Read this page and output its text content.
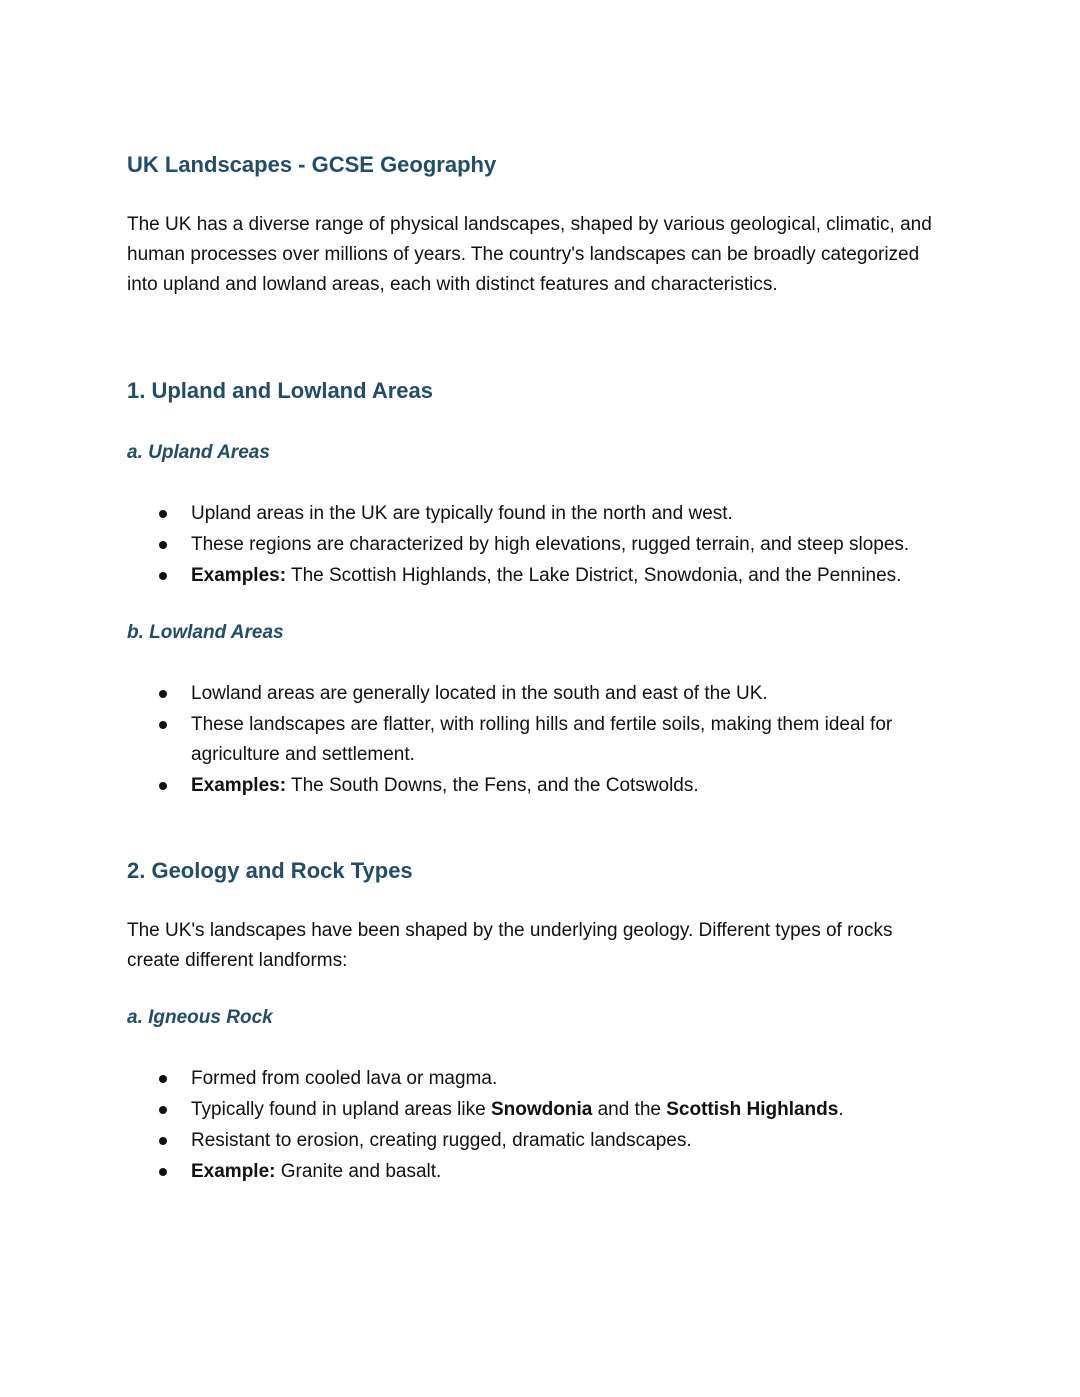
UK Landscapes - GCSE Geography

The UK has a diverse range of physical landscapes, shaped by various geological, climatic, and human processes over millions of years. The country's landscapes can be broadly categorized into upland and lowland areas, each with distinct features and characteristics.

1. Upland and Lowland Areas
a. Upland Areas
Upland areas in the UK are typically found in the north and west.
These regions are characterized by high elevations, rugged terrain, and steep slopes.
Examples: The Scottish Highlands, the Lake District, Snowdonia, and the Pennines.
b. Lowland Areas
Lowland areas are generally located in the south and east of the UK.
These landscapes are flatter, with rolling hills and fertile soils, making them ideal for agriculture and settlement.
Examples: The South Downs, the Fens, and the Cotswolds.
2. Geology and Rock Types

The UK's landscapes have been shaped by the underlying geology. Different types of rocks create different landforms:

a. Igneous Rock
Formed from cooled lava or magma.
Typically found in upland areas like Snowdonia and the Scottish Highlands.
Resistant to erosion, creating rugged, dramatic landscapes.
Example: Granite and basalt.
